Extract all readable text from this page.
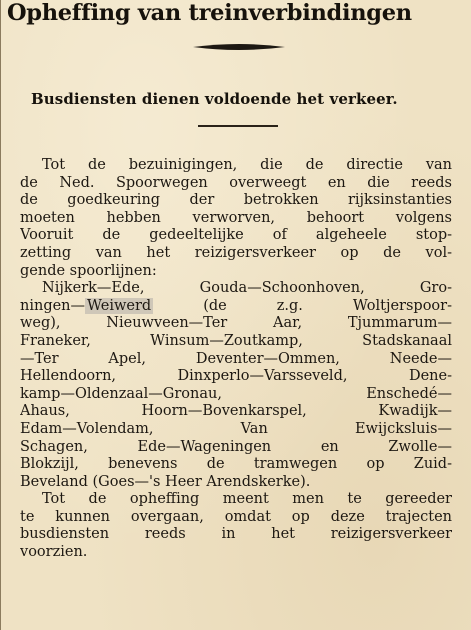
Opheffing van treinverbindingen
Busdiensten dienen voldoende het verkeer.
Tot de bezuinigingen, die de directie van
de Ned. Spoorwegen overweegt en die reeds
de goedkeuring der betrokken rijksinstanties
moeten hebben verworven, behoort volgens
Vooruit de gedeeltelijke of algeheele stop-
zetting van het reizigersverkeer op de vol-
gende spoorlijnen:
Nijkerk—Ede, Gouda—Schoonhoven, Gro-
ningen— Weiwerd (de z.g. Woltjerspoor-
weg), Nieuwveen—Ter Aar, Tjummarum—
Franeker, Winsum—Zoutkamp, Stadskanaal
—Ter Apel, Deventer—Ommen, Neede—
Hellendoorn, Dinxperlo—Varsseveld, Dene-
kamp—Oldenzaal—Gronau, Enschedé—
Ahaus, Hoorn—Bovenkarspel, Kwadijk—
Edam—Volendam, Van Ewijcksluis—
Schagen, Ede—Wageningen en Zwolle—
Blokzijl, benevens de tramwegen op Zuid-
Beveland (Goes—'s Heer Arendskerke).
Tot de opheffing meent men te gereeder
te kunnen overgaan, omdat op deze trajecten
busdiensten reeds in het reizigersverkeer
voorzien.
